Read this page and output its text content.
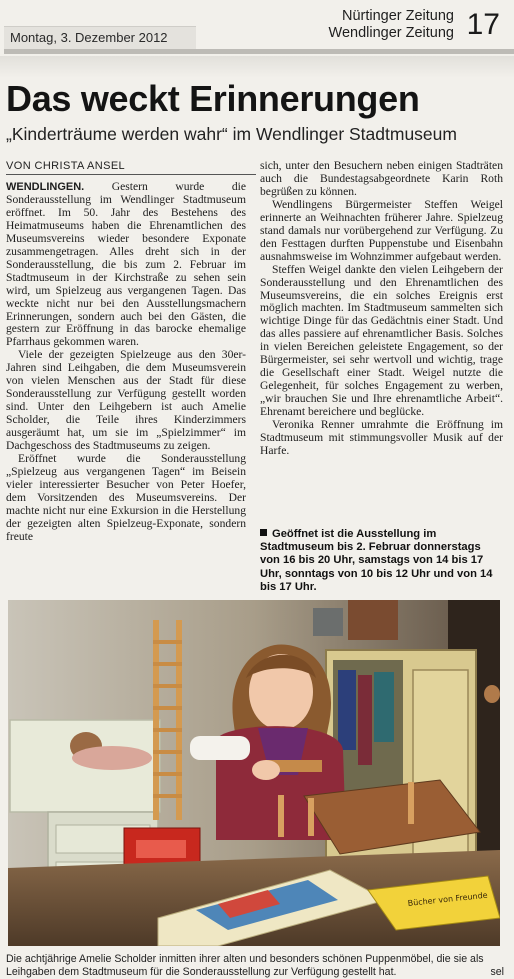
Montag, 3. Dezember 2012
Nürtinger Zeitung
Wendlinger Zeitung 17
Das weckt Erinnerungen
„Kinderträume werden wahr“ im Wendlinger Stadtmuseum
VON CHRISTA ANSEL

WENDLINGEN. Gestern wurde die Sonderausstellung im Wendlinger Stadtmuseum eröffnet. Im 50. Jahr des Bestehens des Heimatmuseums haben die Ehrenamtlichen des Museumsvereins wieder besondere Exponate zusammengetragen. Alles dreht sich in der Sonderausstellung, die bis zum 2. Februar im Stadtmuseum in der Kirchstraße zu sehen sein wird, um Spielzeug aus vergangenen Tagen. Das weckte nicht nur bei den Ausstellungsmachern Erinnerungen, sondern auch bei den Gästen, die gestern zur Eröffnung in das barocke ehemalige Pfarrhaus gekommen waren.

Viele der gezeigten Spielzeuge aus den 30er-Jahren sind Leihgaben, die dem Museumsverein von vielen Menschen aus der Stadt für diese Sonderausstellung zur Verfügung gestellt worden sind. Unter den Leihgebern ist auch Amelie Scholder, die Teile ihres Kinderzimmers ausgeräumt hat, um sie im „Spielzimmer“ im Dachgeschoss des Stadtmuseums zu zeigen.

Eröffnet wurde die Sonderausstellung „Spielzeug aus vergangenen Tagen“ im Beisein vieler interessierter Besucher von Peter Hoefer, dem Vorsitzenden des Museumsvereins. Der machte nicht nur eine Exkursion in die Herstellung der gezeigten alten Spielzeug-Exponate, sondern freute

sich, unter den Besuchern neben einigen Stadträten auch die Bundestagsabgeordnete Karin Roth begrüßen zu können.

Wendlingens Bürgermeister Steffen Weigel erinnerte an Weihnachten früherer Jahre. Spielzeug stand damals nur vorübergehend zur Verfügung. Zu den Festtagen durften Puppenstube und Eisenbahn ausnahmsweise im Wohnzimmer aufgebaut werden.

Steffen Weigel dankte den vielen Leihgebern der Sonderausstellung und den Ehrenamtlichen des Museumsvereins, die ein solches Ereignis erst möglich machten. Im Stadtmuseum sammelten sich wichtige Dinge für das Gedächtnis einer Stadt. Und das alles passiere auf ehrenamtlicher Basis. Solches in vielen Bereichen geleistete Engagement, so der Bürgermeister, sei sehr wertvoll und wichtig, trage die Gesellschaft einer Stadt. Weigel nutzte die Gelegenheit, für solches Engagement zu werben, „wir brauchen Sie und Ihre ehrenamtliche Arbeit“. Ehrenamt bereichere und beglücke.

Veronika Renner umrahmte die Eröffnung im Stadtmuseum mit stimmungsvoller Musik auf der Harfe.

Geöffnet ist die Ausstellung im Stadtmuseum bis 2. Februar donnerstags von 16 bis 20 Uhr, samstags von 14 bis 17 Uhr, sonntags von 10 bis 12 Uhr und von 14 bis 17 Uhr.
Bücher von Freunde
Die achtjährige Amelie Scholder inmitten ihrer alten und besonders schönen Puppenmöbel, die sie als
Leihgaben dem Stadtmuseum für die Sonderausstellung zur Verfügung gestellt hat.	sel
